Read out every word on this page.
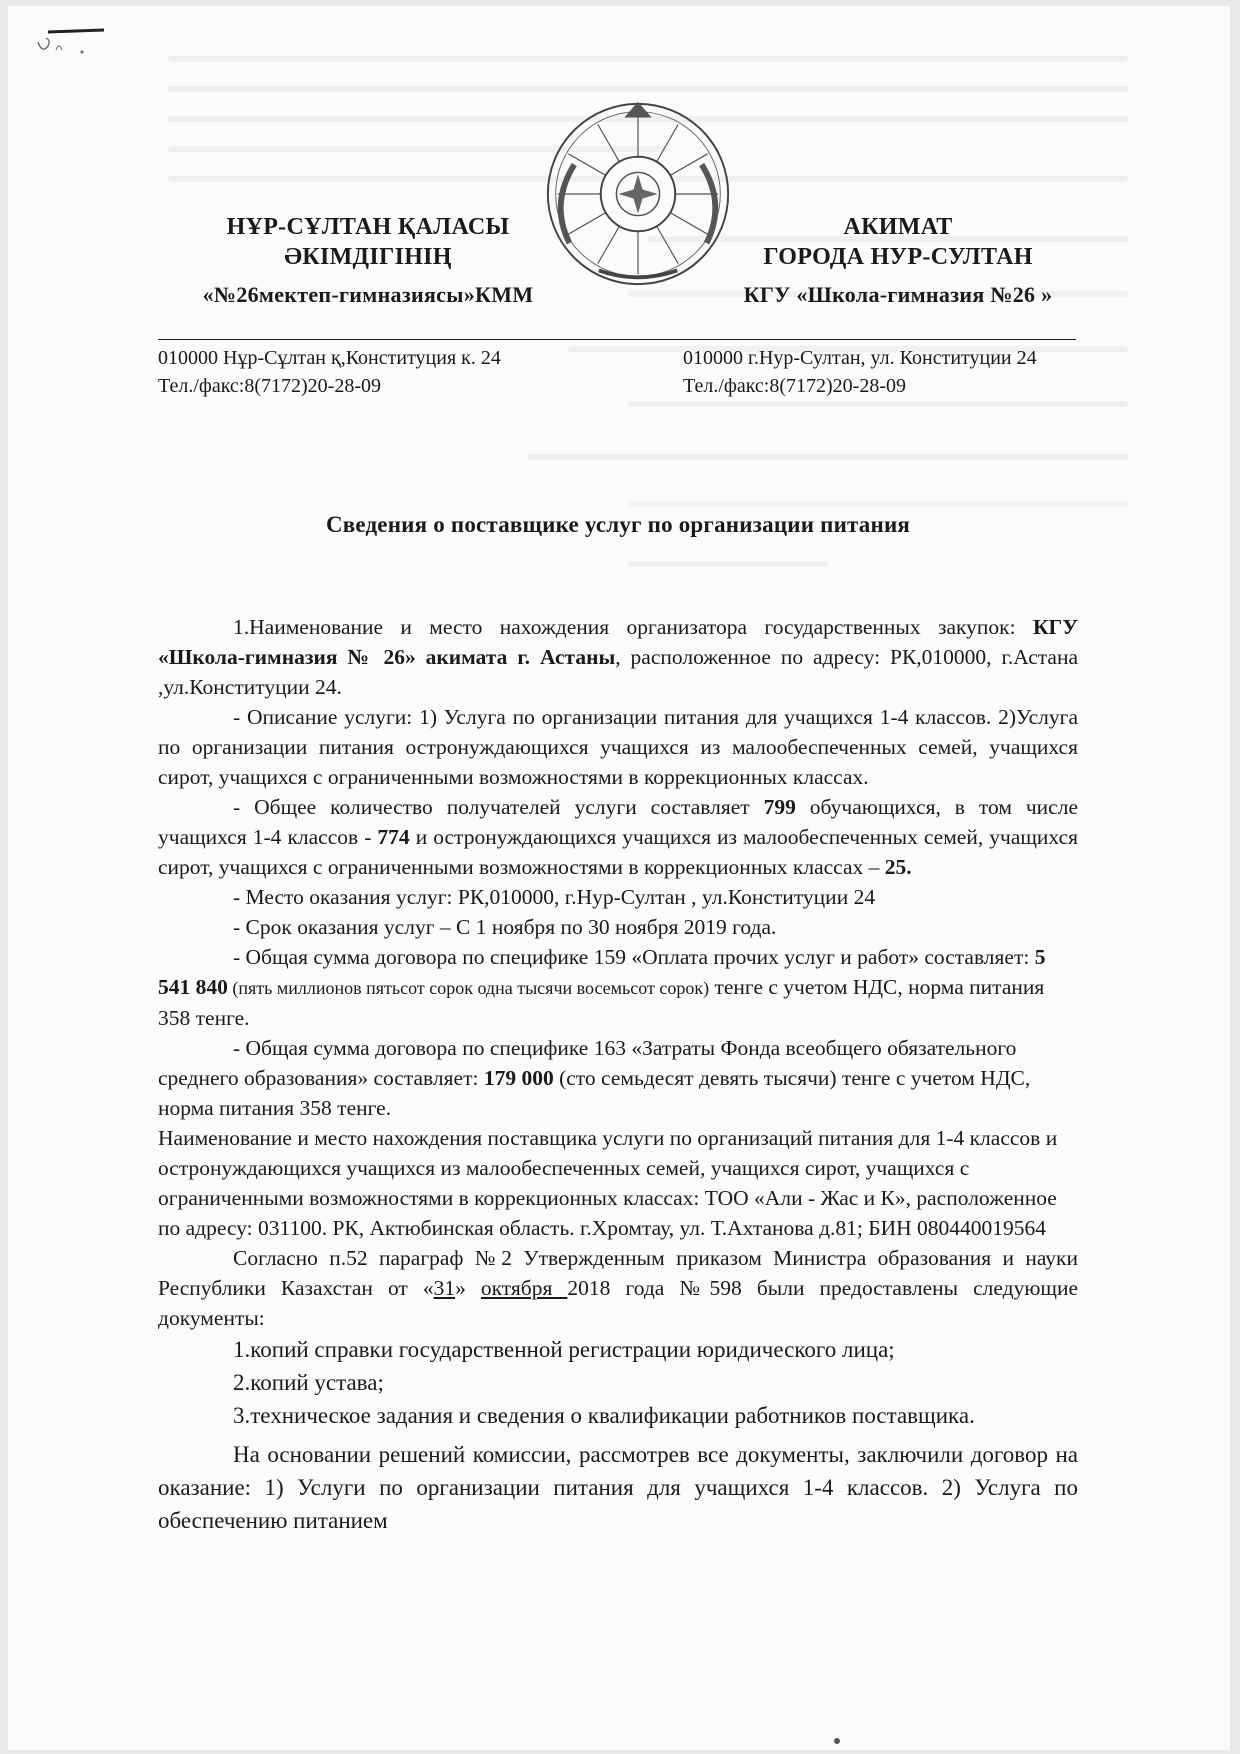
НҰР-СҰЛТАН ҚАЛАСЫ
ӘКІМДІГІНІҢ
«№26мектеп-гимназиясы»КММ
АКИМАТ
ГОРОДА НУР-СУЛТАН
КГУ «Школа-гимназия №26 »
010000 Нұр-Сұлтан қ,Конституция к. 24
Тел./факс:8(7172)20-28-09
010000 г.Нур-Султан, ул. Конституции 24
Тел./факс:8(7172)20-28-09
Сведения о поставщике услуг по организации питания

1.Наименование и место нахождения организатора государственных закупок: КГУ «Школа-гимназия № 26» акимата г. Астаны, расположенное по адресу: РК,010000, г.Астана ,ул.Конституции 24.

- Описание услуги: 1) Услуга по организации питания для учащихся 1-4 классов. 2)Услуга по организации питания остронуждающихся учащихся из малообеспеченных семей, учащихся сирот, учащихся с ограниченными возможностями в коррекционных классах.

- Общее количество получателей услуги составляет 799 обучающихся, в том числе учащихся 1-4 классов - 774 и остронуждающихся учащихся из малообеспеченных семей, учащихся сирот, учащихся с ограниченными возможностями в коррекционных классах – 25.

- Место оказания услуг: РК,010000, г.Нур-Султан , ул.Конституции 24

- Срок оказания услуг – С 1 ноября по 30 ноября 2019 года.

- Общая сумма договора по специфике 159 «Оплата прочих услуг и работ» составляет: 5 541 840 (пять миллионов пятьсот сорок одна тысячи восемьсот сорок) тенге с учетом НДС, норма питания 358 тенге.

- Общая сумма договора по специфике 163 «Затраты Фонда всеобщего обязательного среднего образования» составляет: 179 000 (сто семьдесят девять тысячи) тенге с учетом НДС, норма питания 358 тенге.

Наименование и место нахождения поставщика услуги по организаций питания для 1-4 классов и остронуждающихся учащихся из малообеспеченных семей, учащихся сирот, учащихся с ограниченными возможностями в коррекционных классах: ТОО «Али - Жас и К», расположенное по адресу: 031100. РК, Актюбинская область. г.Хромтау, ул. Т.Ахтанова д.81; БИН 080440019564

Согласно п.52 параграф №2 Утвержденным приказом Министра образования и науки Республики Казахстан от «31» октября 2018 года №598 были предоставлены следующие документы:

1.копий справки государственной регистрации юридического лица;

2.копий устава;

3.техническое задания и сведения о квалификации работников поставщика.

На основании решений комиссии, рассмотрев все документы, заключили договор на оказание: 1) Услуги по организации питания для учащихся 1-4 классов. 2) Услуга по обеспечению питанием
